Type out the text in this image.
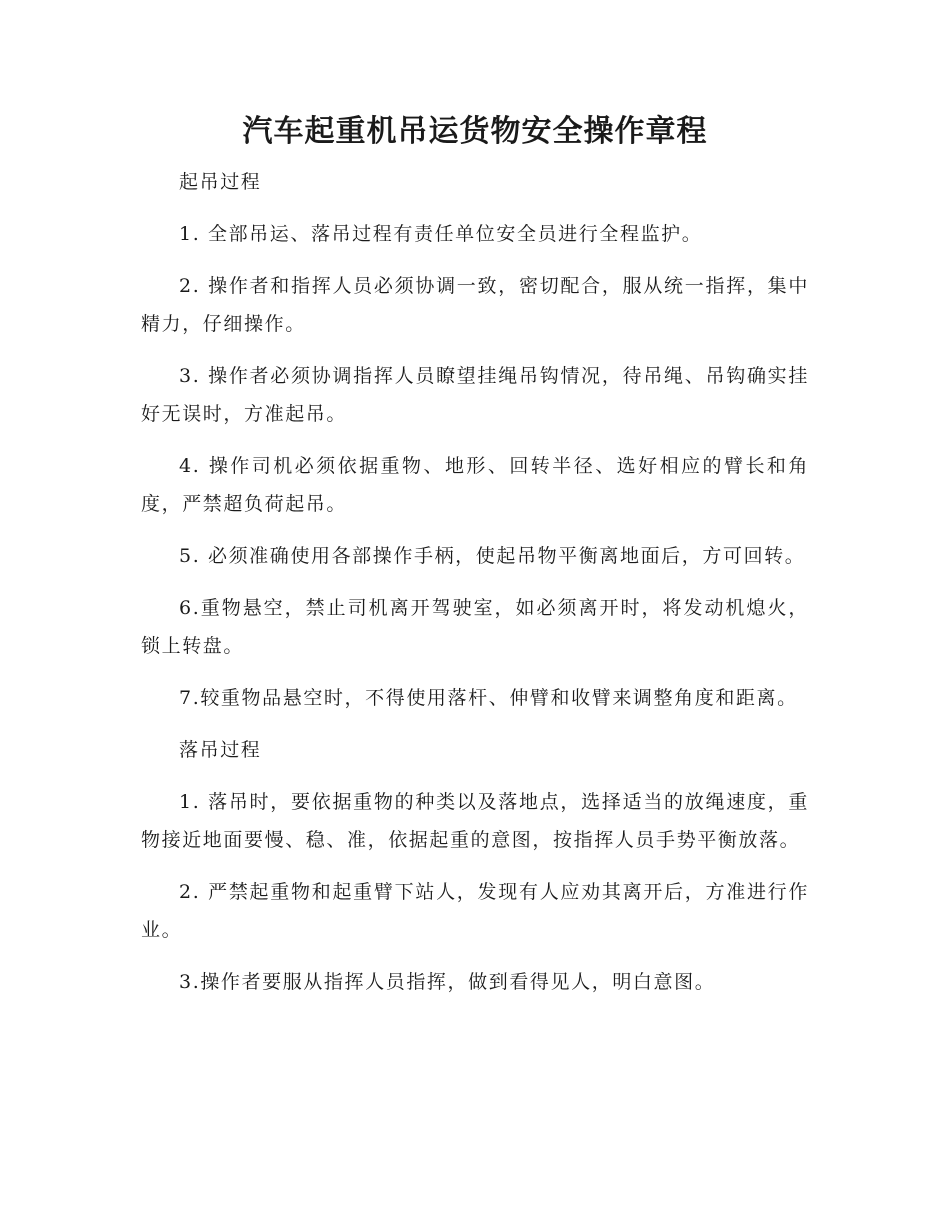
汽车起重机吊运货物安全操作章程

起吊过程

1. 全部吊运、落吊过程有责任单位安全员进行全程监护。

2. 操作者和指挥人员必须协调一致，密切配合，服从统一指挥，集中精力，仔细操作。

3. 操作者必须协调指挥人员瞭望挂绳吊钩情况，待吊绳、吊钩确实挂好无误时，方准起吊。

4. 操作司机必须依据重物、地形、回转半径、选好相应的臂长和角度，严禁超负荷起吊。

5. 必须准确使用各部操作手柄，使起吊物平衡离地面后，方可回转。

6.重物悬空，禁止司机离开驾驶室，如必须离开时，将发动机熄火，锁上转盘。

7.较重物品悬空时，不得使用落杆、伸臂和收臂来调整角度和距离。

落吊过程

1. 落吊时，要依据重物的种类以及落地点，选择适当的放绳速度，重物接近地面要慢、稳、准，依据起重的意图，按指挥人员手势平衡放落。

2. 严禁起重物和起重臂下站人，发现有人应劝其离开后，方准进行作业。

3.操作者要服从指挥人员指挥，做到看得见人，明白意图。
